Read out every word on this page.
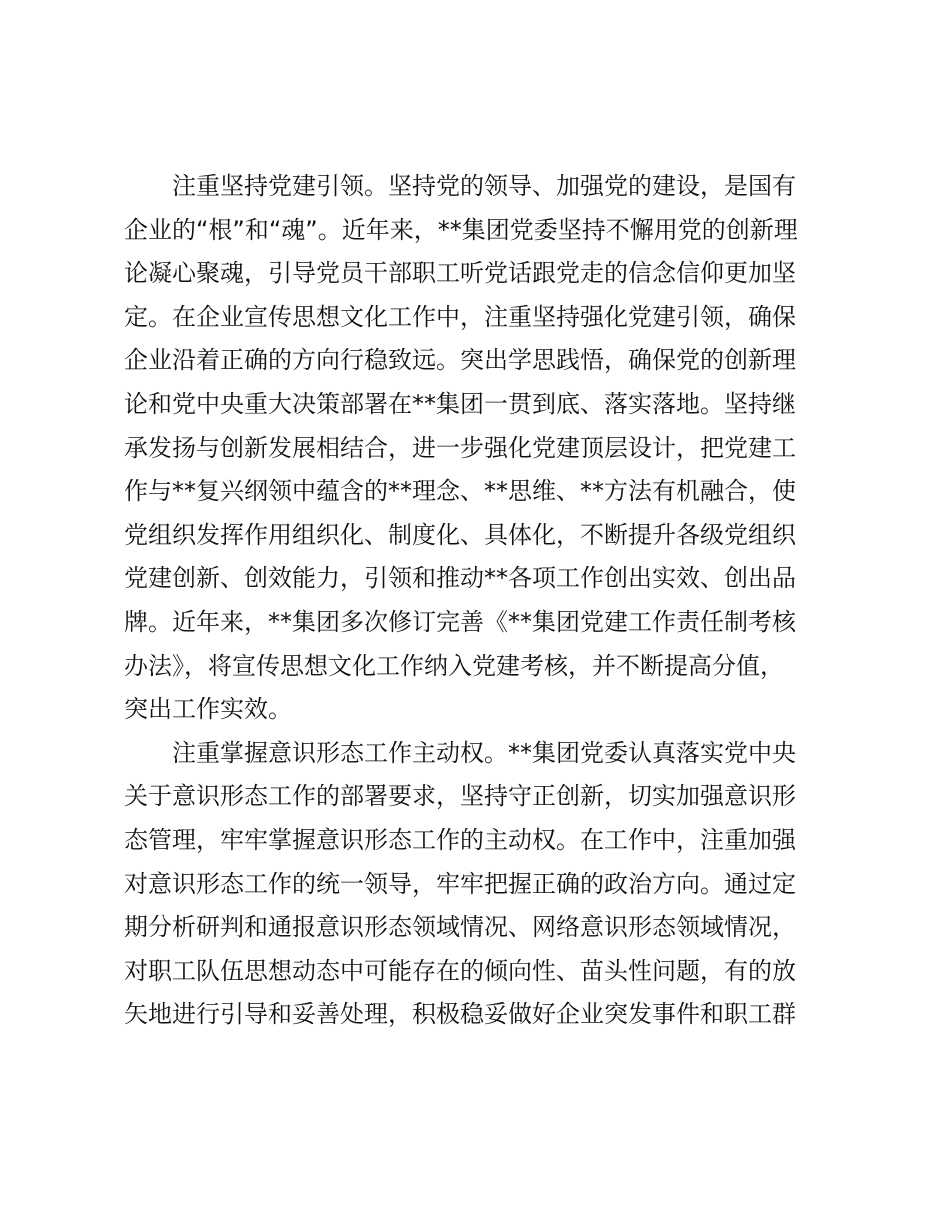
注重坚持党建引领。坚持党的领导、加强党的建设，是国有
企业的“根”和“魂”。近年来，**集团党委坚持不懈用党的创新理
论凝心聚魂，引导党员干部职工听党话跟党走的信念信仰更加坚
定。在企业宣传思想文化工作中，注重坚持强化党建引领，确保
企业沿着正确的方向行稳致远。突出学思践悟，确保党的创新理
论和党中央重大决策部署在**集团一贯到底、落实落地。坚持继
承发扬与创新发展相结合，进一步强化党建顶层设计，把党建工
作与**复兴纲领中蕴含的**理念、**思维、**方法有机融合，使
党组织发挥作用组织化、制度化、具体化，不断提升各级党组织
党建创新、创效能力，引领和推动**各项工作创出实效、创出品
牌。近年来，**集团多次修订完善《**集团党建工作责任制考核
办法》，将宣传思想文化工作纳入党建考核，并不断提高分值，
突出工作实效。
注重掌握意识形态工作主动权。**集团党委认真落实党中央
关于意识形态工作的部署要求，坚持守正创新，切实加强意识形
态管理，牢牢掌握意识形态工作的主动权。在工作中，注重加强
对意识形态工作的统一领导，牢牢把握正确的政治方向。通过定
期分析研判和通报意识形态领域情况、网络意识形态领域情况，
对职工队伍思想动态中可能存在的倾向性、苗头性问题，有的放
矢地进行引导和妥善处理，积极稳妥做好企业突发事件和职工群
